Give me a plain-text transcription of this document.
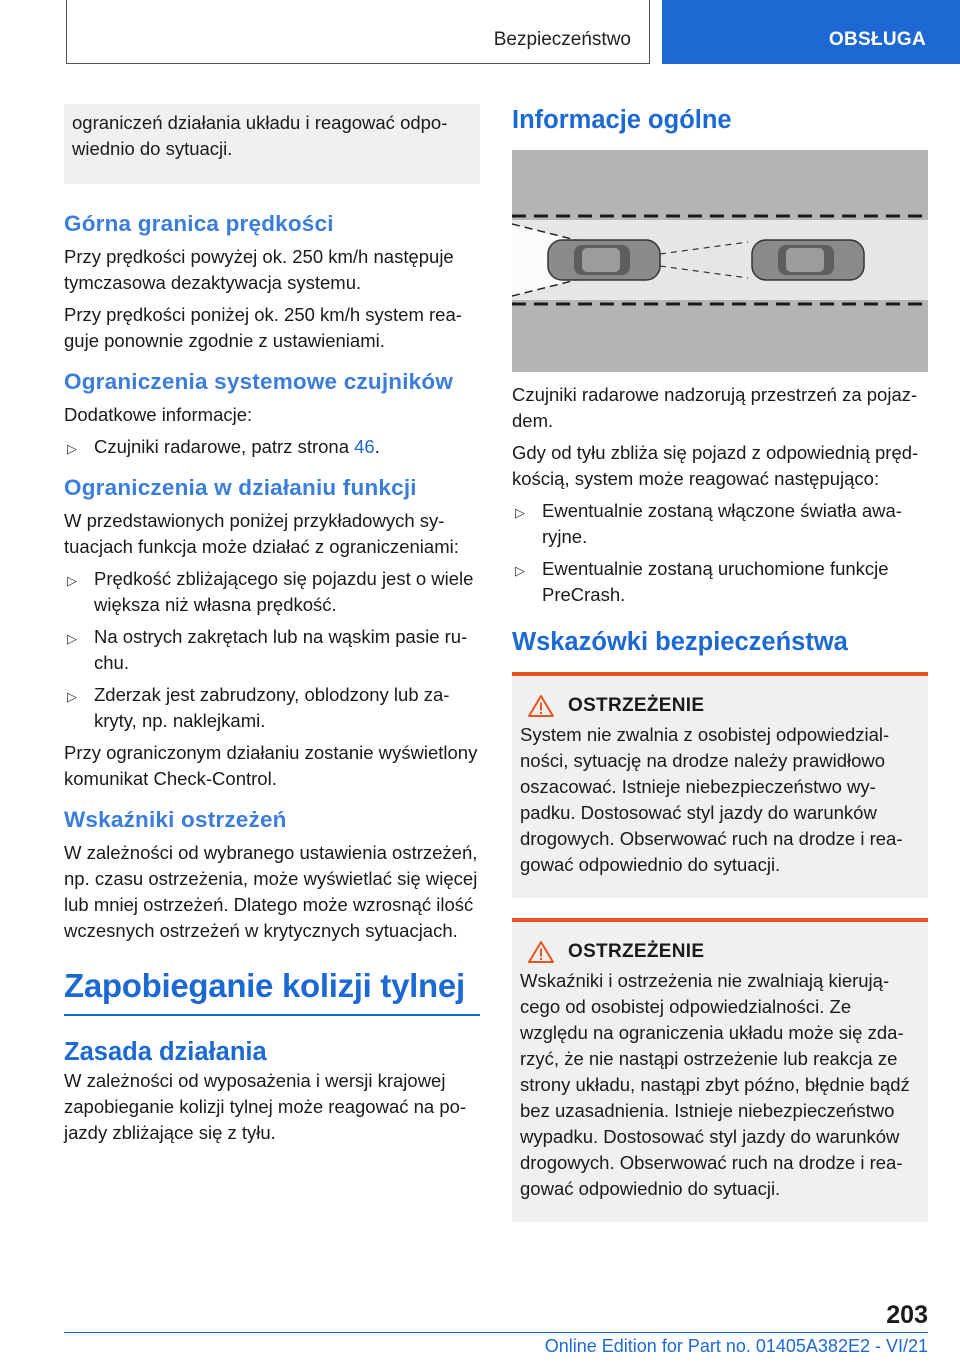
Bezpieczeństwo	OBSŁUGA

ograniczeń działania układu i reagować odpowiednio do sytuacji.

Górna granica prędkości

Przy prędkości powyżej ok. 250 km/h następuje tymczasowa dezaktywacja systemu.

Przy prędkości poniżej ok. 250 km/h system reaguje ponownie zgodnie z ustawieniami.

Ograniczenia systemowe czujników

Dodatkowe informacje:

▷ Czujniki radarowe, patrz strona 46.
Ograniczenia w działaniu funkcji

W przedstawionych poniżej przykładowych sytuacjach funkcja może działać z ograniczeniami:

▷ Prędkość zbliżającego się pojazdu jest o wiele większa niż własna prędkość.
▷ Na ostrych zakrętach lub na wąskim pasie ruchu.
▷ Zderzak jest zabrudzony, oblodzony lub zakryty, np. naklejkami.

Przy ograniczonym działaniu zostanie wyświetlony komunikat Check-Control.

Wskaźniki ostrzeżeń

W zależności od wybranego ustawienia ostrzeżeń, np. czasu ostrzeżenia, może wyświetlać się więcej lub mniej ostrzeżeń. Dlatego może wzrosnąć ilość wczesnych ostrzeżeń w krytycznych sytuacjach.

Zapobieganie kolizji tylnej
Zasada działania

W zależności od wyposażenia i wersji krajowej zapobieganie kolizji tylnej może reagować na pojazdy zbliżające się z tyłu.

Informacje ogólne

Czujniki radarowe nadzorują przestrzeń za pojazdem.

Gdy od tyłu zbliża się pojazd z odpowiednią prędkością, system może reagować następująco:

▷ Ewentualnie zostaną włączone światła awaryjne.
▷ Ewentualnie zostaną uruchomione funkcje PreCrash.
Wskazówki bezpieczeństwa
OSTRZEŻENIE

System nie zwalnia z osobistej odpowiedzialności, sytuację na drodze należy prawidłowo oszacować. Istnieje niebezpieczeństwo wypadku. Dostosować styl jazdy do warunków drogowych. Obserwować ruch na drodze i reagować odpowiednio do sytuacji.

OSTRZEŻENIE

Wskaźniki i ostrzeżenia nie zwalniają kierującego od osobistej odpowiedzialności. Ze względu na ograniczenia układu może się zdarzyć, że nie nastąpi ostrzeżenie lub reakcja ze strony układu, nastąpi zbyt późno, błędnie bądź bez uzasadnienia. Istnieje niebezpieczeństwo wypadku. Dostosować styl jazdy do warunków drogowych. Obserwować ruch na drodze i reagować odpowiednio do sytuacji.

203
Online Edition for Part no. 01405A382E2 - VI/21
